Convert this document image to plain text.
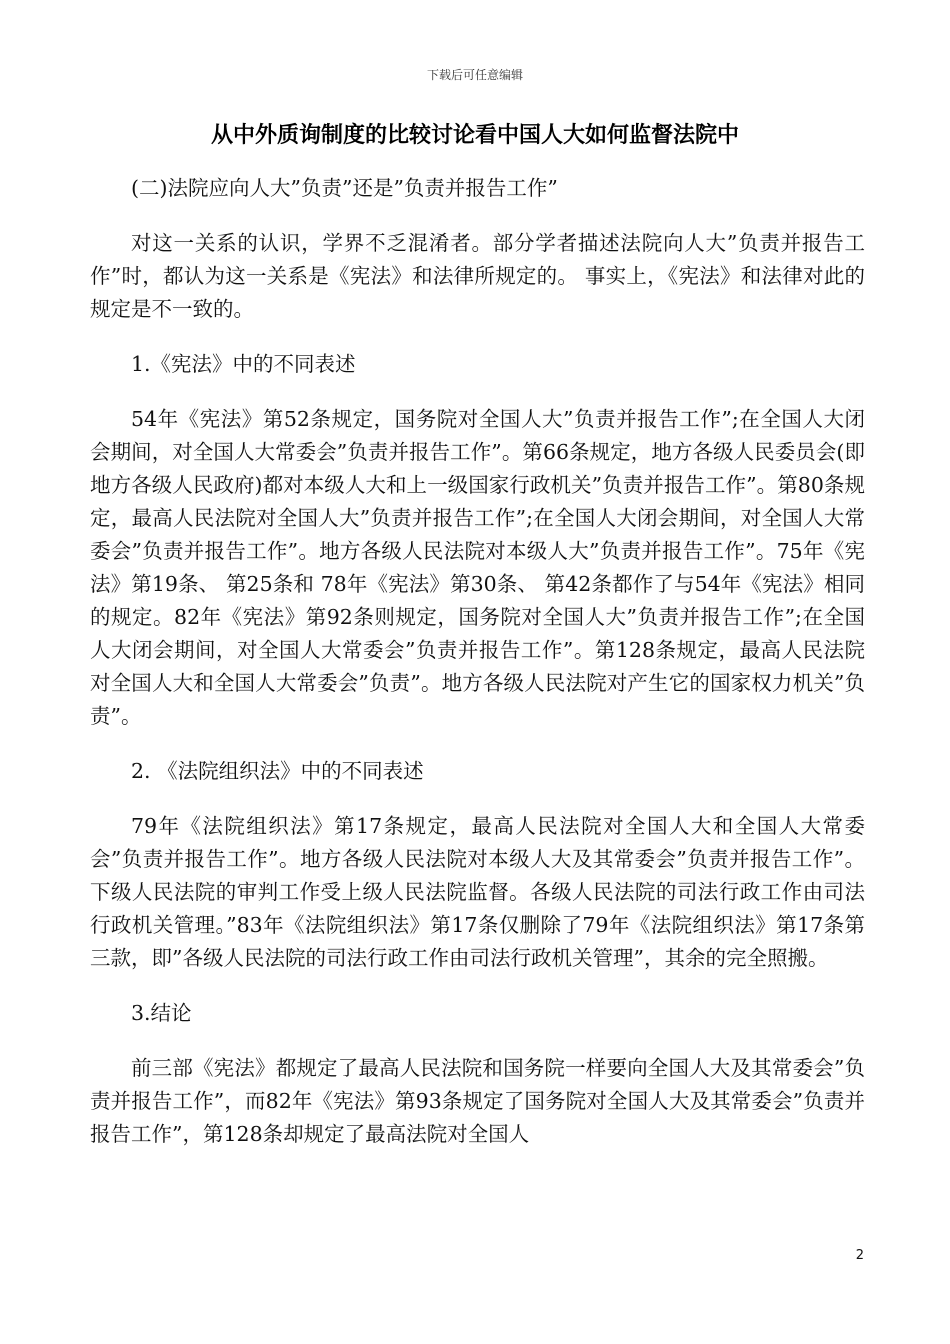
下载后可任意编辑
从中外质询制度的比较讨论看中国人大如何监督法院中
(二)法院应向人大”负责”还是”负责并报告工作”

对这一关系的认识，学界不乏混淆者。部分学者描述法院向人大”负责并报告工作”时，都认为这一关系是《宪法》和法律所规定的。 事实上，《宪法》和法律对此的规定是不一致的。

1.《宪法》中的不同表述

54年《宪法》第52条规定，国务院对全国人大”负责并报告工作”;在全国人大闭会期间，对全国人大常委会”负责并报告工作”。第66条规定，地方各级人民委员会(即地方各级人民政府)都对本级人大和上一级国家行政机关”负责并报告工作”。第80条规定，最高人民法院对全国人大”负责并报告工作”;在全国人大闭会期间，对全国人大常委会”负责并报告工作”。地方各级人民法院对本级人大”负责并报告工作”。75年《宪法》第19条、 第25条和 78年《宪法》第30条、 第42条都作了与54年《宪法》相同的规定。82年《宪法》第92条则规定，国务院对全国人大”负责并报告工作”;在全国人大闭会期间，对全国人大常委会”负责并报告工作”。第128条规定，最高人民法院对全国人大和全国人大常委会”负责”。地方各级人民法院对产生它的国家权力机关”负责”。

2. 《法院组织法》中的不同表述

79年《法院组织法》第17条规定，最高人民法院对全国人大和全国人大常委会”负责并报告工作”。地方各级人民法院对本级人大及其常委会”负责并报告工作”。下级人民法院的审判工作受上级人民法院监督。各级人民法院的司法行政工作由司法行政机关管理。”83年《法院组织法》第17条仅删除了79年《法院组织法》第17条第三款，即”各级人民法院的司法行政工作由司法行政机关管理”，其余的完全照搬。

3.结论

前三部《宪法》都规定了最高人民法院和国务院一样要向全国人大及其常委会”负责并报告工作”，而82年《宪法》第93条规定了国务院对全国人大及其常委会”负责并报告工作”，第128条却规定了最高法院对全国人

2
